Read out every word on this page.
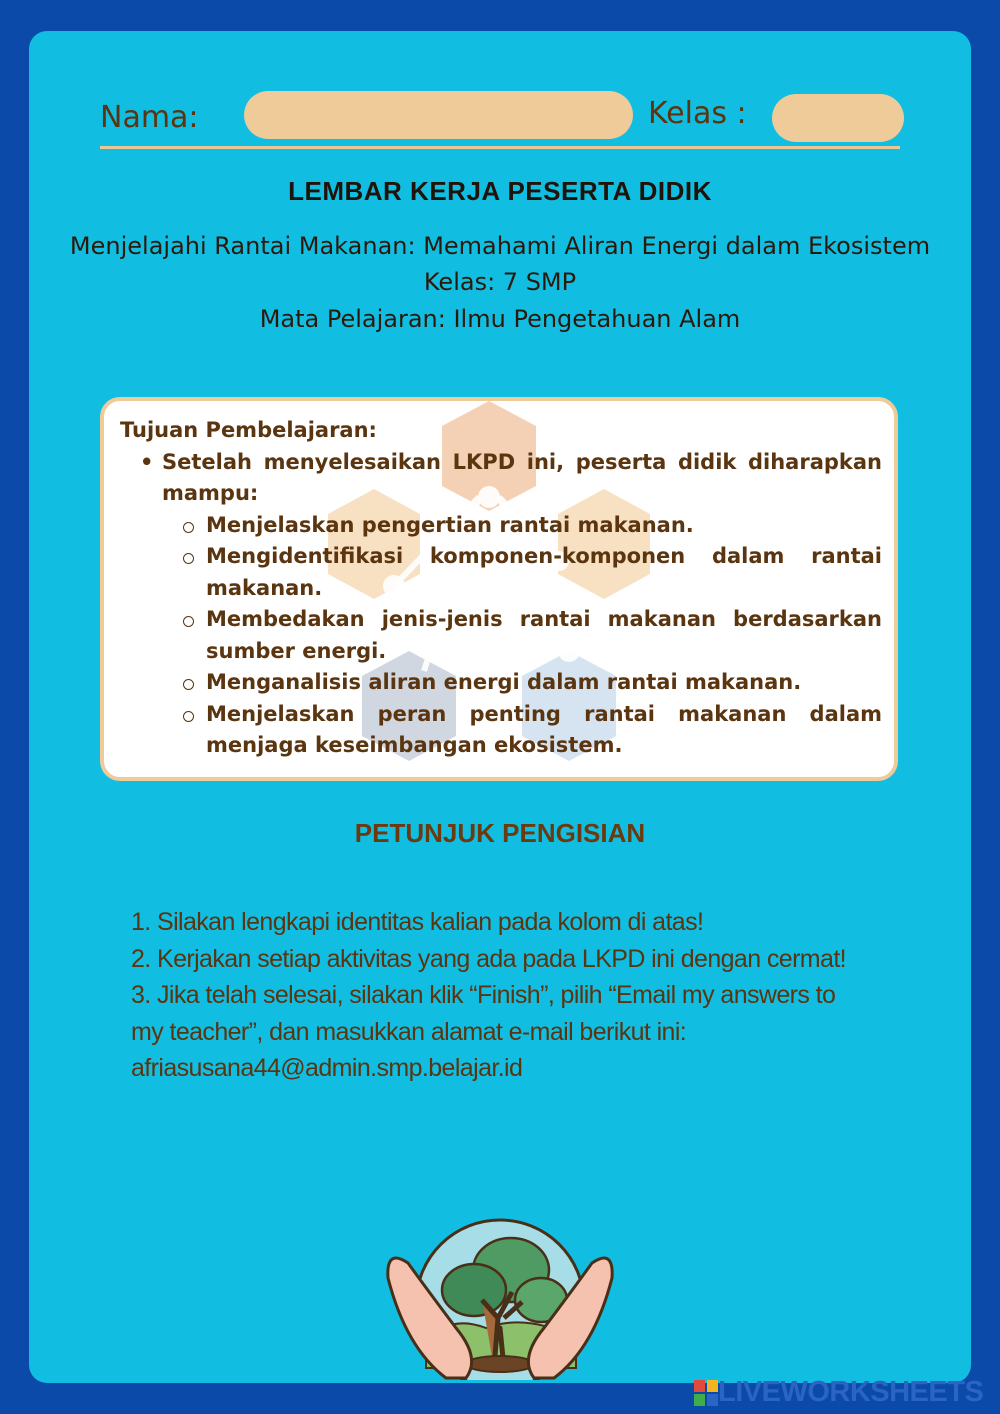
Nama:	Kelas :
LEMBAR KERJA PESERTA DIDIK
Menjelajahi Rantai Makanan: Memahami Aliran Energi dalam Ekosistem
Kelas: 7 SMP
Mata Pelajaran: Ilmu Pengetahuan Alam

Tujuan Pembelajaran:

• Setelah menyelesaikan LKPD ini, peserta didik diharapkan mampu:
Menjelaskan pengertian rantai makanan.
Mengidentifikasi komponen-komponen dalam rantai makanan.
Membedakan jenis-jenis rantai makanan berdasarkan sumber energi.
Menganalisis aliran energi dalam rantai makanan.
Menjelaskan peran penting rantai makanan dalam menjaga keseimbangan ekosistem.
PETUNJUK PENGISIAN

1. Silakan lengkapi identitas kalian pada kolom di atas!

2. Kerjakan setiap aktivitas yang ada pada LKPD ini dengan cermat!

3. Jika telah selesai, silakan klik “Finish”, pilih “Email my answers to my teacher”, dan masukkan alamat e-mail berikut ini: afriasusana44@admin.smp.belajar.id

LIVEWORKSHEETS
